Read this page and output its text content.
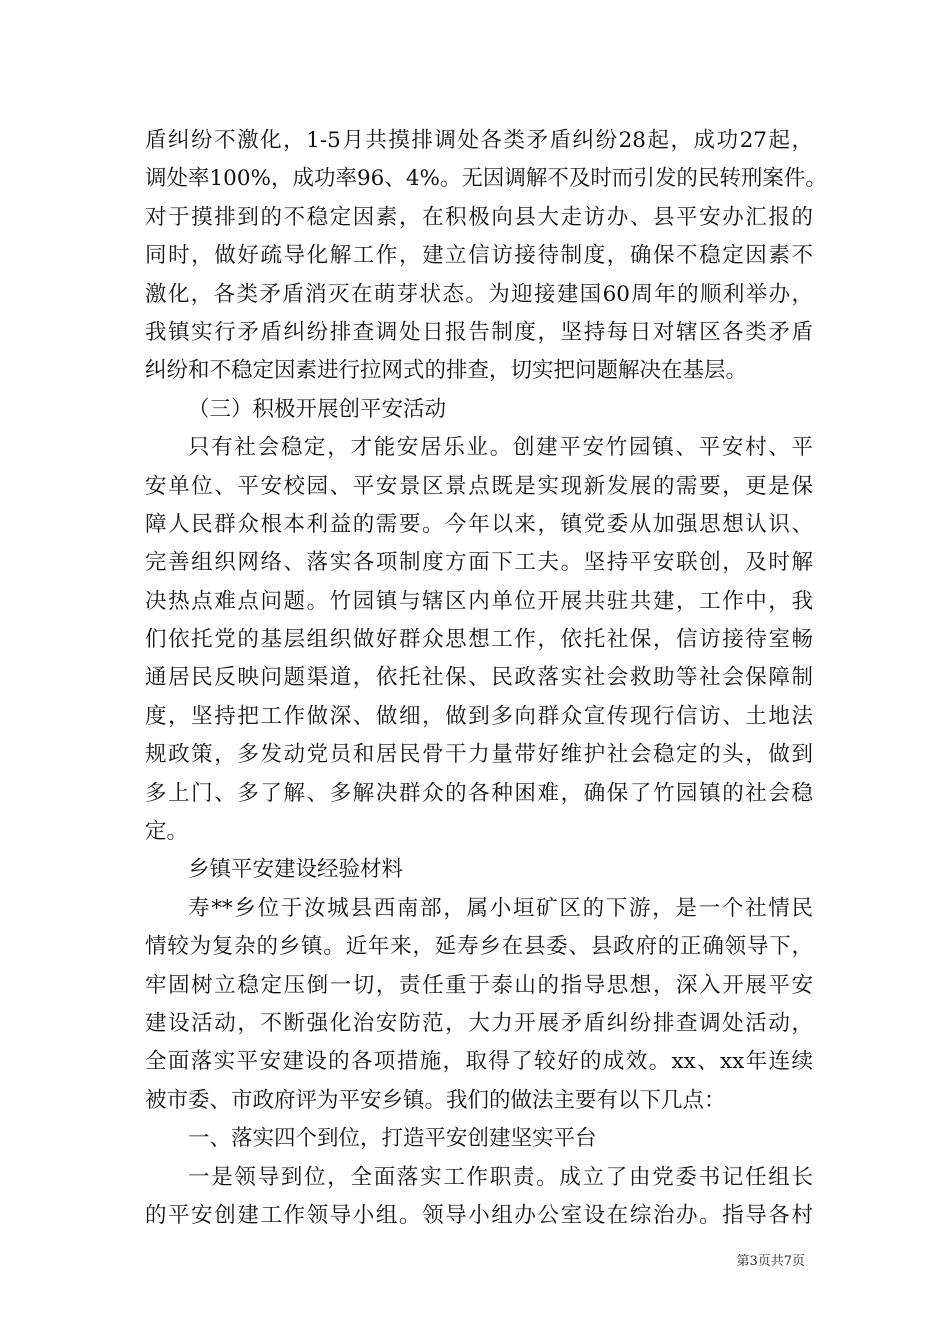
盾纠纷不激化，1-5月共摸排调处各类矛盾纠纷28起，成功27起，
调处率100%，成功率96、4%。无因调解不及时而引发的民转刑案件。
对于摸排到的不稳定因素，在积极向县大走访办、县平安办汇报的
同时，做好疏导化解工作，建立信访接待制度，确保不稳定因素不
激化，各类矛盾消灭在萌芽状态。为迎接建国60周年的顺利举办，
我镇实行矛盾纠纷排查调处日报告制度，坚持每日对辖区各类矛盾
纠纷和不稳定因素进行拉网式的排查，切实把问题解决在基层。
（三）积极开展创平安活动
只有社会稳定，才能安居乐业。创建平安竹园镇、平安村、平
安单位、平安校园、平安景区景点既是实现新发展的需要，更是保
障人民群众根本利益的需要。今年以来，镇党委从加强思想认识、
完善组织网络、落实各项制度方面下工夫。坚持平安联创，及时解
决热点难点问题。竹园镇与辖区内单位开展共驻共建，工作中，我
们依托党的基层组织做好群众思想工作，依托社保，信访接待室畅
通居民反映问题渠道，依托社保、民政落实社会救助等社会保障制
度，坚持把工作做深、做细，做到多向群众宣传现行信访、土地法
规政策，多发动党员和居民骨干力量带好维护社会稳定的头，做到
多上门、多了解、多解决群众的各种困难，确保了竹园镇的社会稳
定。
乡镇平安建设经验材料
寿**乡位于汝城县西南部，属小垣矿区的下游，是一个社情民
情较为复杂的乡镇。近年来，延寿乡在县委、县政府的正确领导下，
牢固树立稳定压倒一切，责任重于泰山的指导思想，深入开展平安
建设活动，不断强化治安防范，大力开展矛盾纠纷排查调处活动，
全面落实平安建设的各项措施，取得了较好的成效。xx、xx年连续
被市委、市政府评为平安乡镇。我们的做法主要有以下几点：
一、落实四个到位，打造平安创建坚实平台
一是领导到位，全面落实工作职责。成立了由党委书记任组长
的平安创建工作领导小组。领导小组办公室设在综治办。指导各村
第3页共7页
